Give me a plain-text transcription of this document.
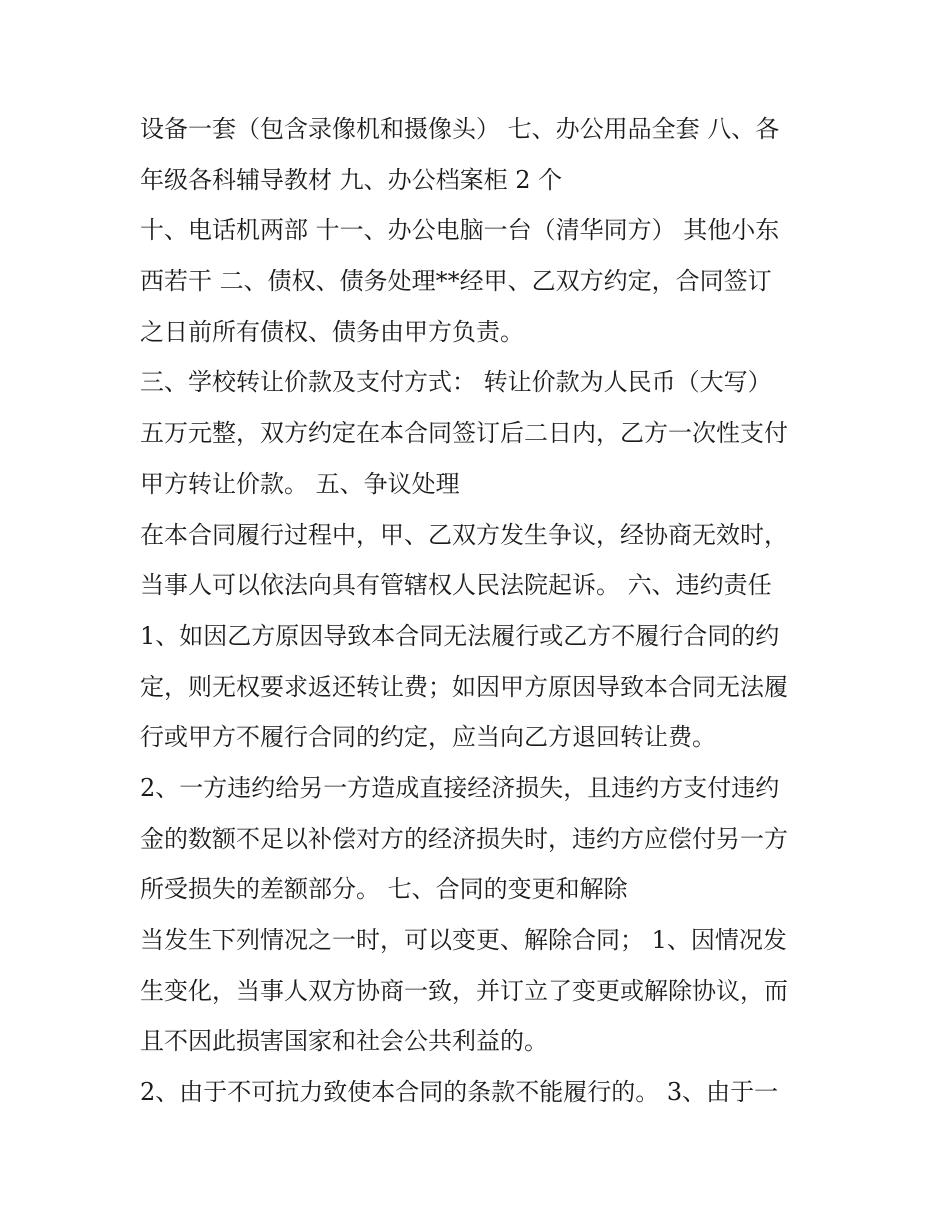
设备一套（包含录像机和摄像头） 七、办公用品全套 八、各
年级各科辅导教材 九、办公档案柜 2 个
十、电话机两部 十一、办公电脑一台（清华同方） 其他小东
西若干 二、债权、债务处理**经甲、乙双方约定，合同签订
之日前所有债权、债务由甲方负责。
三、学校转让价款及支付方式： 转让价款为人民币（大写）
五万元整，双方约定在本合同签订后二日内，乙方一次性支付
甲方转让价款。 五、争议处理
在本合同履行过程中，甲、乙双方发生争议，经协商无效时，
当事人可以依法向具有管辖权人民法院起诉。 六、违约责任
1、如因乙方原因导致本合同无法履行或乙方不履行合同的约
定，则无权要求返还转让费；如因甲方原因导致本合同无法履
行或甲方不履行合同的约定，应当向乙方退回转让费。
2、一方违约给另一方造成直接经济损失，且违约方支付违约
金的数额不足以补偿对方的经济损失时，违约方应偿付另一方
所受损失的差额部分。 七、合同的变更和解除
当发生下列情况之一时，可以变更、解除合同； 1、因情况发
生变化，当事人双方协商一致，并订立了变更或解除协议，而
且不因此损害国家和社会公共利益的。
2、由于不可抗力致使本合同的条款不能履行的。 3、由于一
